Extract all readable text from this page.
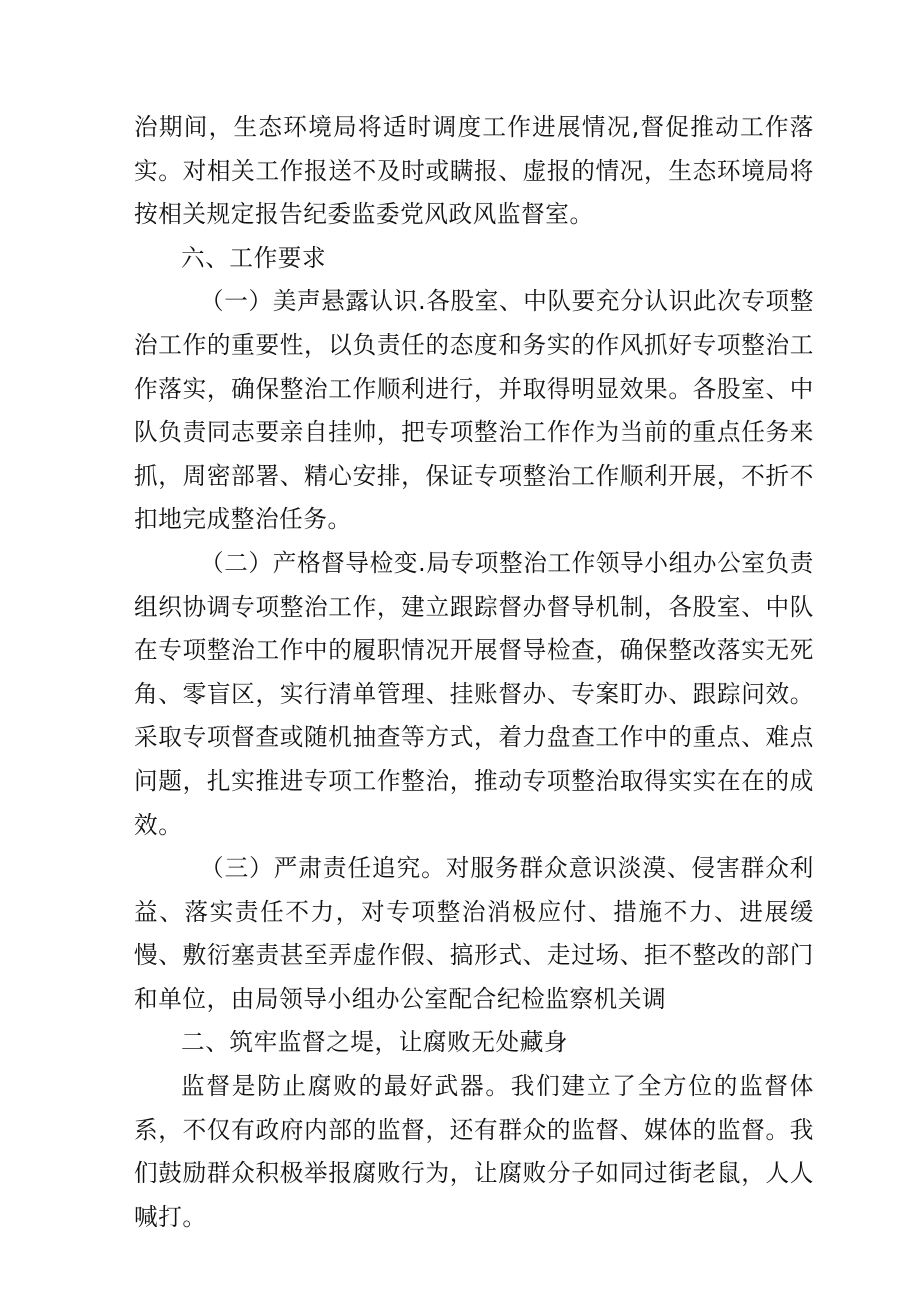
治期间，生态环境局将适时调度工作进展情况,督促推动工作落实。对相关工作报送不及时或瞒报、虚报的情况，生态环境局将按相关规定报告纪委监委党风政风监督室。

六、工作要求

（一）美声悬露认识.各股室、中队要充分认识此次专项整治工作的重要性，以负责任的态度和务实的作风抓好专项整治工作落实，确保整治工作顺利进行，并取得明显效果。各股室、中队负责同志要亲自挂帅，把专项整治工作作为当前的重点任务来抓，周密部署、精心安排，保证专项整治工作顺利开展，不折不扣地完成整治任务。

（二）产格督导检变.局专项整治工作领导小组办公室负责组织协调专项整治工作，建立跟踪督办督导机制，各股室、中队在专项整治工作中的履职情况开展督导检查，确保整改落实无死角、零盲区，实行清单管理、挂账督办、专案盯办、跟踪问效。采取专项督查或随机抽查等方式，着力盘查工作中的重点、难点问题，扎实推进专项工作整治，推动专项整治取得实实在在的成效。

（三）严肃责任追究。对服务群众意识淡漠、侵害群众利益、落实责任不力，对专项整治消极应付、措施不力、进展缓慢、敷衍塞责甚至弄虚作假、搞形式、走过场、拒不整改的部门和单位，由局领导小组办公室配合纪检监察机关调

二、筑牢监督之堤，让腐败无处藏身

监督是防止腐败的最好武器。我们建立了全方位的监督体系，不仅有政府内部的监督，还有群众的监督、媒体的监督。我们鼓励群众积极举报腐败行为，让腐败分子如同过街老鼠，人人喊打。
